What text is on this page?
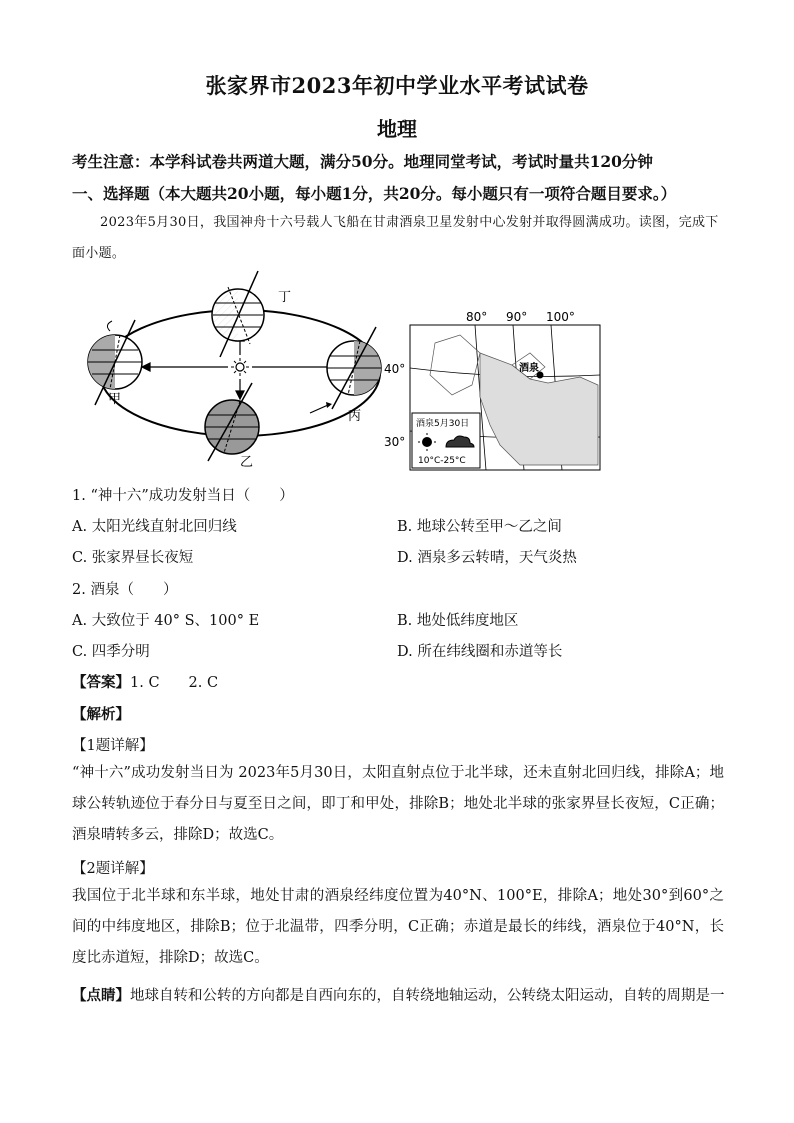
张家界市2023年初中学业水平考试试卷
地理
考生注意：本学科试卷共两道大题，满分50分。地理同堂考试，考试时量共120分钟
一、选择题（本大题共20小题，每小题1分，共20分。每小题只有一项符合题目要求。）
2023年5月30日，我国神舟十六号载人飞船在甘肃酒泉卫星发射中心发射并取得圆满成功。读图，完成下面小题。
甲
乙
丙
丁
酒泉
80° 90° 100°
40°
30°
酒泉5月30日
10°C-25°C
1. “神十六”成功发射当日（　　）
A. 太阳光线直射北回归线	B. 地球公转至甲～乙之间
C. 张家界昼长夜短	D. 酒泉多云转晴，天气炎热
2. 酒泉（　　）
A. 大致位于 40° S、100° E	B. 地处低纬度地区
C. 四季分明	D. 所在纬线圈和赤道等长
【答案】1. C　　2. C
【解析】
【1题详解】
“神十六”成功发射当日为 2023年5月30日，太阳直射点位于北半球，还未直射北回归线，排除A；地球公转轨迹位于春分日与夏至日之间，即丁和甲处，排除B；地处北半球的张家界昼长夜短，C正确；酒泉晴转多云，排除D；故选C。
【2题详解】
我国位于北半球和东半球，地处甘肃的酒泉经纬度位置为40°N、100°E，排除A；地处30°到60°之间的中纬度地区，排除B；位于北温带，四季分明，C正确；赤道是最长的纬线，酒泉位于40°N，长度比赤道短，排除D；故选C。
【点睛】地球自转和公转的方向都是自西向东的，自转绕地轴运动，公转绕太阳运动，自转的周期是一
